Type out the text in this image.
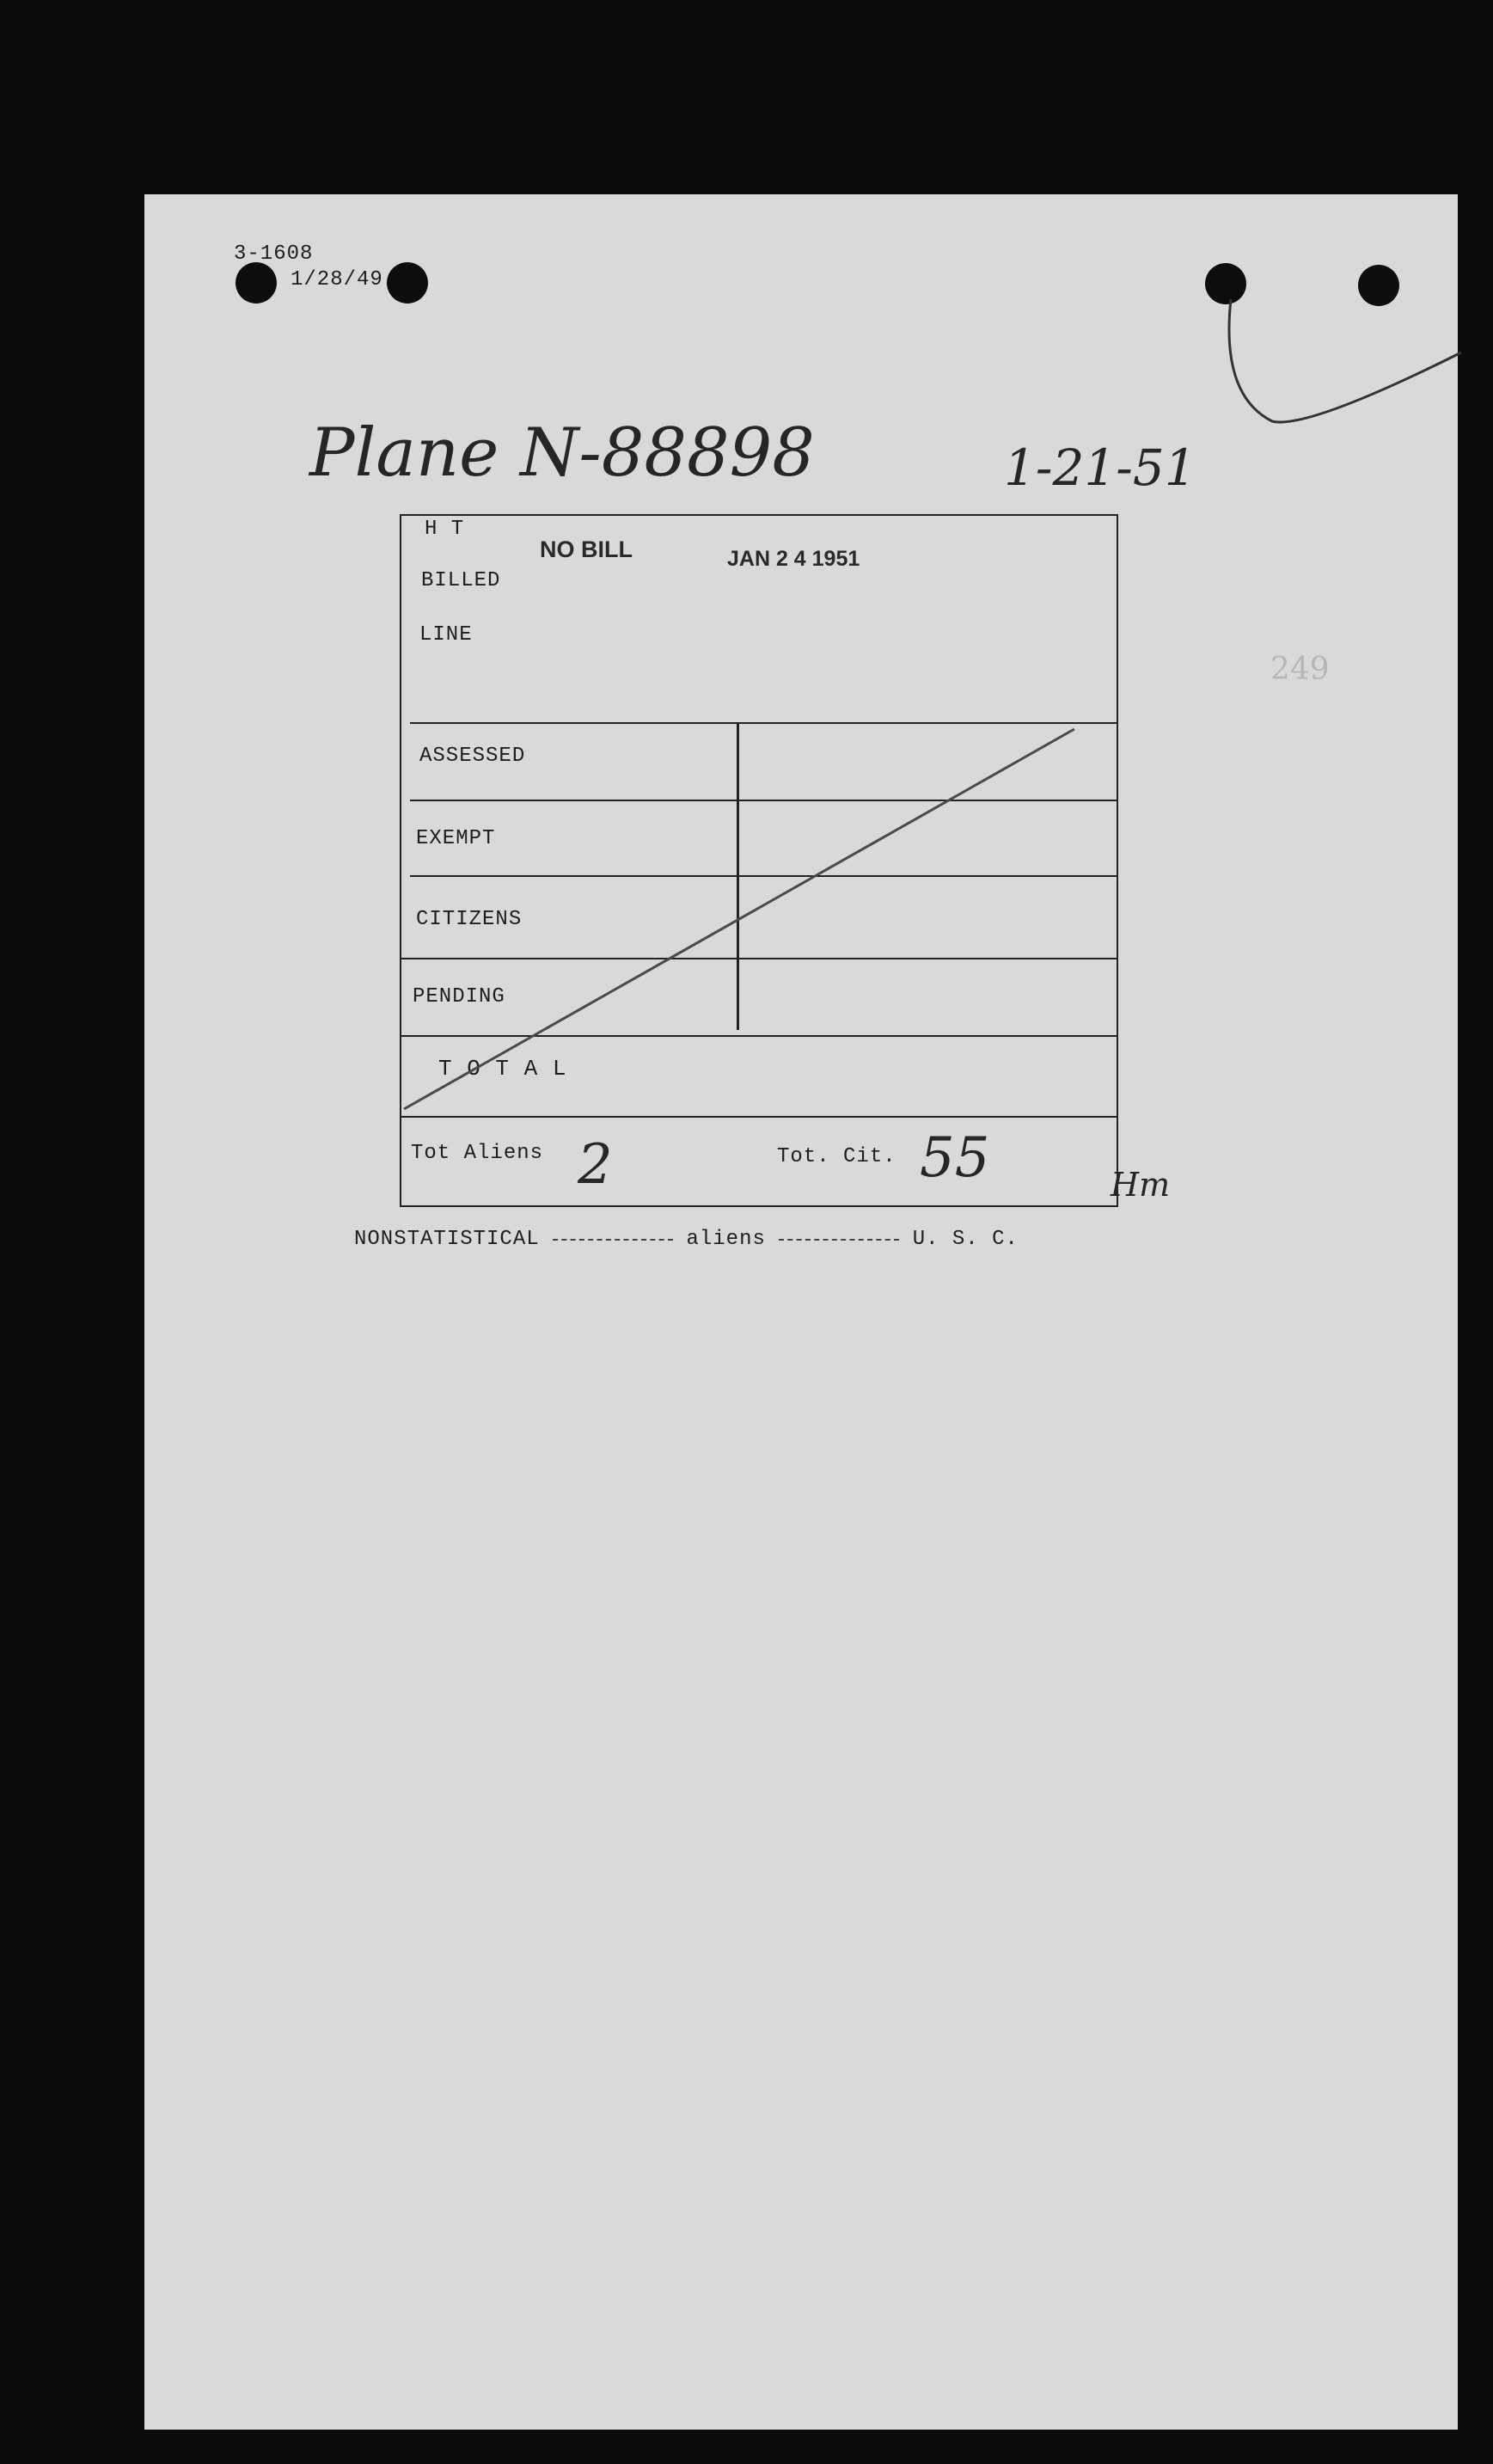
3-1608
1/28/49
Plane N-88898	1-21-51
249
H T
NO BILL	JAN 2 4 1951
BILLED
LINE
ASSESSED
EXEMPT
CITIZENS
PENDING
T O T A L
Tot Aliens 2	Tot. Cit. 55	Hm
NONSTATISTICAL	aliens	U. S. C.
